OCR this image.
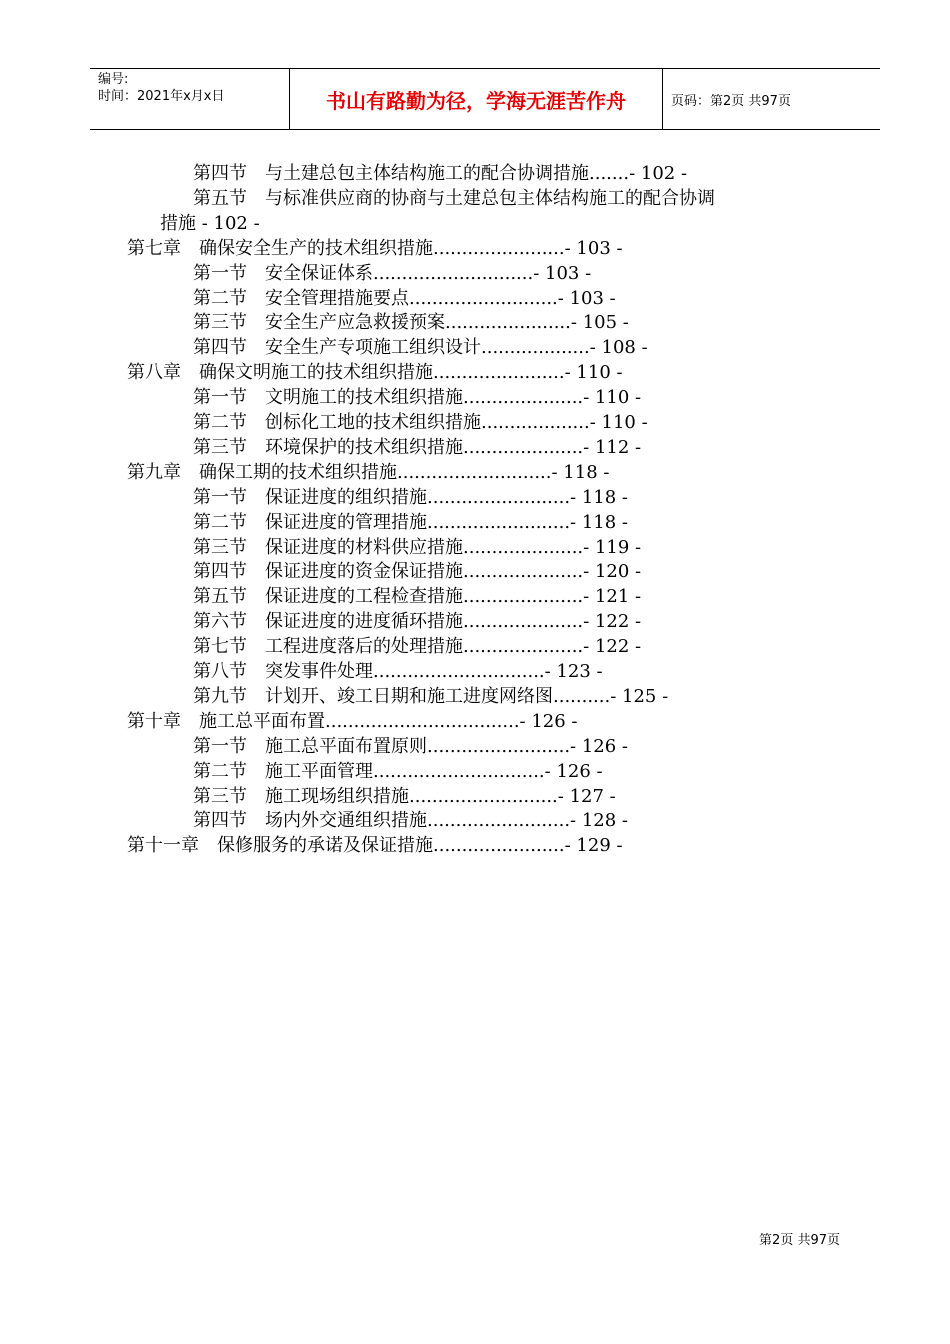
编号:
时间：2021年x月x日	书山有路勤为径，学海无涯苦作舟	页码：第2页 共97页
第四节　与土建总包主体结构施工的配合协调措施.......- 102 -
第五节　与标准供应商的协商与土建总包主体结构施工的配合协调
措施 - 102 -
第七章　确保安全生产的技术组织措施.......................- 103 -
第一节　安全保证体系............................- 103 -
第二节　安全管理措施要点..........................- 103 -
第三节　安全生产应急救援预案......................- 105 -
第四节　安全生产专项施工组织设计...................- 108 -
第八章　确保文明施工的技术组织措施.......................- 110 -
第一节　文明施工的技术组织措施.....................- 110 -
第二节　创标化工地的技术组织措施...................- 110 -
第三节　环境保护的技术组织措施.....................- 112 -
第九章　确保工期的技术组织措施...........................- 118 -
第一节　保证进度的组织措施.........................- 118 -
第二节　保证进度的管理措施.........................- 118 -
第三节　保证进度的材料供应措施.....................- 119 -
第四节　保证进度的资金保证措施.....................- 120 -
第五节　保证进度的工程检查措施.....................- 121 -
第六节　保证进度的进度循环措施.....................- 122 -
第七节　工程进度落后的处理措施.....................- 122 -
第八节　突发事件处理..............................- 123 -
第九节　计划开、竣工日期和施工进度网络图..........- 125 -
第十章　施工总平面布置..................................- 126 -
第一节　施工总平面布置原则.........................- 126 -
第二节　施工平面管理..............................- 126 -
第三节　施工现场组织措施..........................- 127 -
第四节　场内外交通组织措施.........................- 128 -
第十一章　保修服务的承诺及保证措施.......................- 129 -
第2页 共97页
